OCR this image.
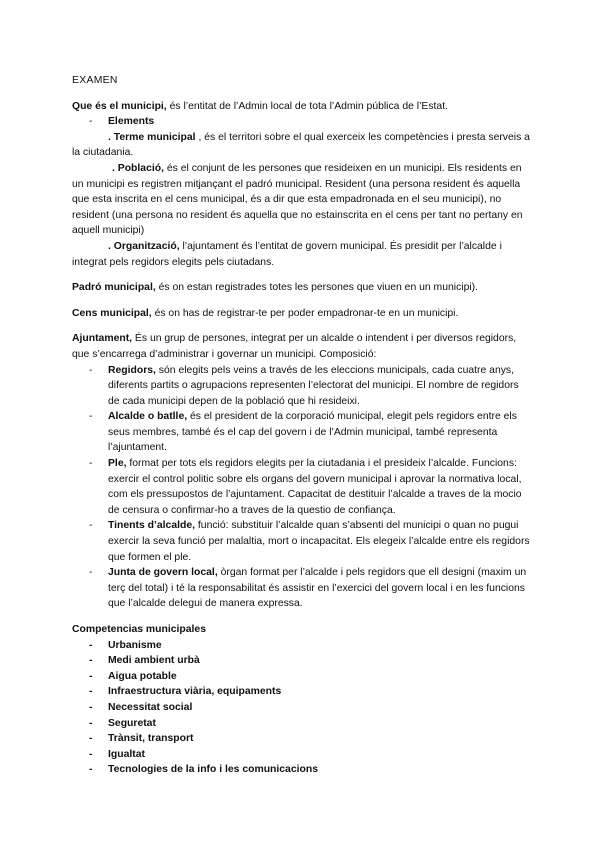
EXAMEN

Que és el municipi, és l’entitat de l’Admin local de tota l’Admin pública de l’Estat.

- Elements

. Terme municipal , és el territori sobre el qual exerceix les competències i presta serveis a la ciutadania.

. Població, és el conjunt de les persones que resideixen en un municipi. Els residents en un municipi es registren mitjançant el padró municipal. Resident (una persona resident és aquella que esta inscrita en el cens municipal, és a dir que esta empadronada en el seu municipi), no resident (una persona no resident és aquella que no estainscrita en el cens per tant no pertany en aquell municipi)

. Organització, l’ajuntament és l’entitat de govern municipal. És presidit per l’alcalde i integrat pels regidors elegits pels ciutadans.

Padró municipal, és on estan registrades totes les persones que viuen en un municipi).

Cens municipal, és on has de registrar-te per poder empadronar-te en un municipi.

Ajuntament, És un grup de persones, integrat per un alcalde o intendent i per diversos regidors, que s’encarrega d’administrar i governar un municipi. Composició:

- Regidors, són elegits pels veins a través de les eleccions municipals, cada cuatre anys, diferents partits o agrupacions representen l’electorat del municipi. El nombre de regidors de cada municipi depen de la població que hi resideixi.
- Alcalde o batlle, és el president de la corporació municipal, elegit pels regidors entre els seus membres, també és el cap del govern i de l’Admin municipal, també representa l’ajuntament.
- Ple, format per tots els regidors elegits per la ciutadania i el presideix l’alcalde. Funcions: exercir el control politic sobre els organs del govern municipal i aprovar la normativa local, com els pressupostos de l’ajuntament. Capacitat de destituir l’alcalde a traves de la mocio de censura o confirmar-ho a traves de la questio de confiança.
- Tinents d’alcalde, funció: substituir l’alcalde quan s’absenti del municipi o quan no pugui exercir la seva funció per malaltia, mort o incapacitat. Els elegeix l’alcalde entre els regidors que formen el ple.
- Junta de govern local, òrgan format per l’alcalde i pels regidors que ell designi (maxim un terç del total) i té la responsabilitat és assistir en l’exercici del govern local i en les funcions que l’alcalde delegui de manera expressa.

Competencias municipales

- Urbanisme
- Medi ambient urbà
- Aigua potable
- Infraestructura viària, equipaments
- Necessitat social
- Seguretat
- Trànsit, transport
- Igualtat
- Tecnologies de la info i les comunicacions
